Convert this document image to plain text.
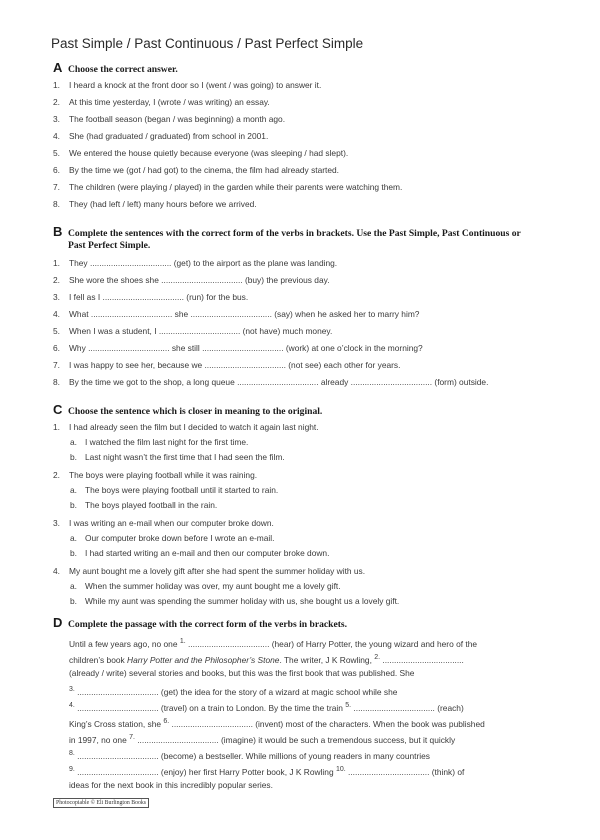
Past Simple / Past Continuous / Past Perfect Simple
A Choose the correct answer.
1. I heard a knock at the front door so I (went / was going) to answer it.
2. At this time yesterday, I (wrote / was writing) an essay.
3. The football season (began / was beginning) a month ago.
4. She (had graduated / graduated) from school in 2001.
5. We entered the house quietly because everyone (was sleeping / had slept).
6. By the time we (got / had got) to the cinema, the film had already started.
7. The children (were playing / played) in the garden while their parents were watching them.
8. They (had left / left) many hours before we arrived.
B Complete the sentences with the correct form of the verbs in brackets. Use the Past Simple, Past Continuous or
Past Perfect Simple.
1. They ................................... (get) to the airport as the plane was landing.
2. She wore the shoes she ................................... (buy) the previous day.
3. I fell as I ................................... (run) for the bus.
4. What ................................... she ................................... (say) when he asked her to marry him?
5. When I was a student, I ................................... (not have) much money.
6. Why ................................... she still ................................... (work) at one o’clock in the morning?
7. I was happy to see her, because we ................................... (not see) each other for years.
8. By the time we got to the shop, a long queue ................................... already ................................... (form) outside.
C Choose the sentence which is closer in meaning to the original.
1. I had already seen the film but I decided to watch it again last night.
a. I watched the film last night for the first time.
b. Last night wasn’t the first time that I had seen the film.
2. The boys were playing football while it was raining.
a. The boys were playing football until it started to rain.
b. The boys played football in the rain.
3. I was writing an e-mail when our computer broke down.
a. Our computer broke down before I wrote an e-mail.
b. I had started writing an e-mail and then our computer broke down.
4. My aunt bought me a lovely gift after she had spent the summer holiday with us.
a. When the summer holiday was over, my aunt bought me a lovely gift.
b. While my aunt was spending the summer holiday with us, she bought us a lovely gift.
D Complete the passage with the correct form of the verbs in brackets.
Until a few years ago, no one $^{1.}$ ................................... (hear) of Harry Potter, the young wizard and hero of the
children’s book Harry Potter and the Philosopher’s Stone. The writer, J K Rowling, $^{2.}$ ...................................
(already / write) several stories and books, but this was the first book that was published. She
$^{3.}$ ................................... (get) the idea for the story of a wizard at magic school while she
$^{4.}$ ................................... (travel) on a train to London. By the time the train $^{5.}$ ................................... (reach)
King’s Cross station, she $^{6.}$ ................................... (invent) most of the characters. When the book was published
in 1997, no one $^{7.}$ ................................... (imagine) it would be such a tremendous success, but it quickly
$^{8.}$ ................................... (become) a bestseller. While millions of young readers in many countries
$^{9.}$ ................................... (enjoy) her first Harry Potter book, J K Rowling $^{10.}$ ................................... (think) of
ideas for the next book in this incredibly popular series.
Photocopiable © Eli Burlington Books
